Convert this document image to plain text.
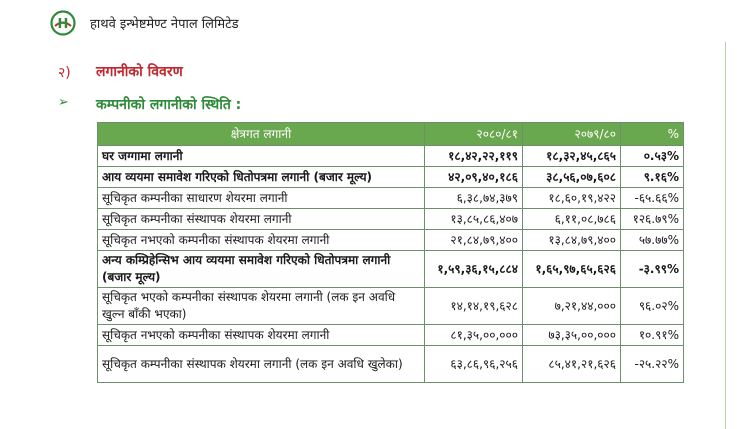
H हाथवे इन्भेष्टमेण्ट नेपाल लिमिटेड
२) लगानीको विवरण
➢ कम्पनीको लगानीको स्थिति :
क्षेत्रगत लगानी	२०८०/८१	२०७९/८०	%
घर जग्गामा लगानी	१८,४२,२२,११९	१८,३२,४५,८६५	०.५३%
आय व्ययमा समावेश गरिएको धितोपत्रमा लगानी (बजार मूल्य)	४२,०९,४०,१८६	३८,५६,०७,६०८	९.१६%
सूचिकृत कम्पनीका साधारण शेयरमा लगानी	६,३८,७४,३७९	१८,६०,१९,४२२	-६५.६६%
सूचिकृत कम्पनीका संस्थापक शेयरमा लगानी	१३,८५,८६,४०७	६,११,०८,७८६	१२६.७९%
सूचिकृत नभएको कम्पनीका संस्थापक शेयरमा लगानी	२१,८४,७९,४००	१३,८४,७९,४००	५७.७७%
अन्य कम्प्रिहेन्सिभ आय व्ययमा समावेश गरिएको धितोपत्रमा लगानी (बजार मूल्य)	१,५९,३६,१५,८८४	१,६५,९७,६५,६२६	-३.९९%
सूचिकृत भएको कम्पनीका संस्थापक शेयरमा लगानी (लक इन अवधि खुल्न बाँकी भएका)	१४,१४,१९,६२८	७,२१,४४,०००	९६.०२%
सूचिकृत नभएको कम्पनीका संस्थापक शेयरमा लगानी	८१,३५,००,०००	७३,३५,००,०००	१०.९१%
सूचिकृत कम्पनीका संस्थापक शेयरमा लगानी (लक इन अवधि खुलेका)	६३,८६,९६,२५६	८५,४१,२१,६२६	-२५.२२%
